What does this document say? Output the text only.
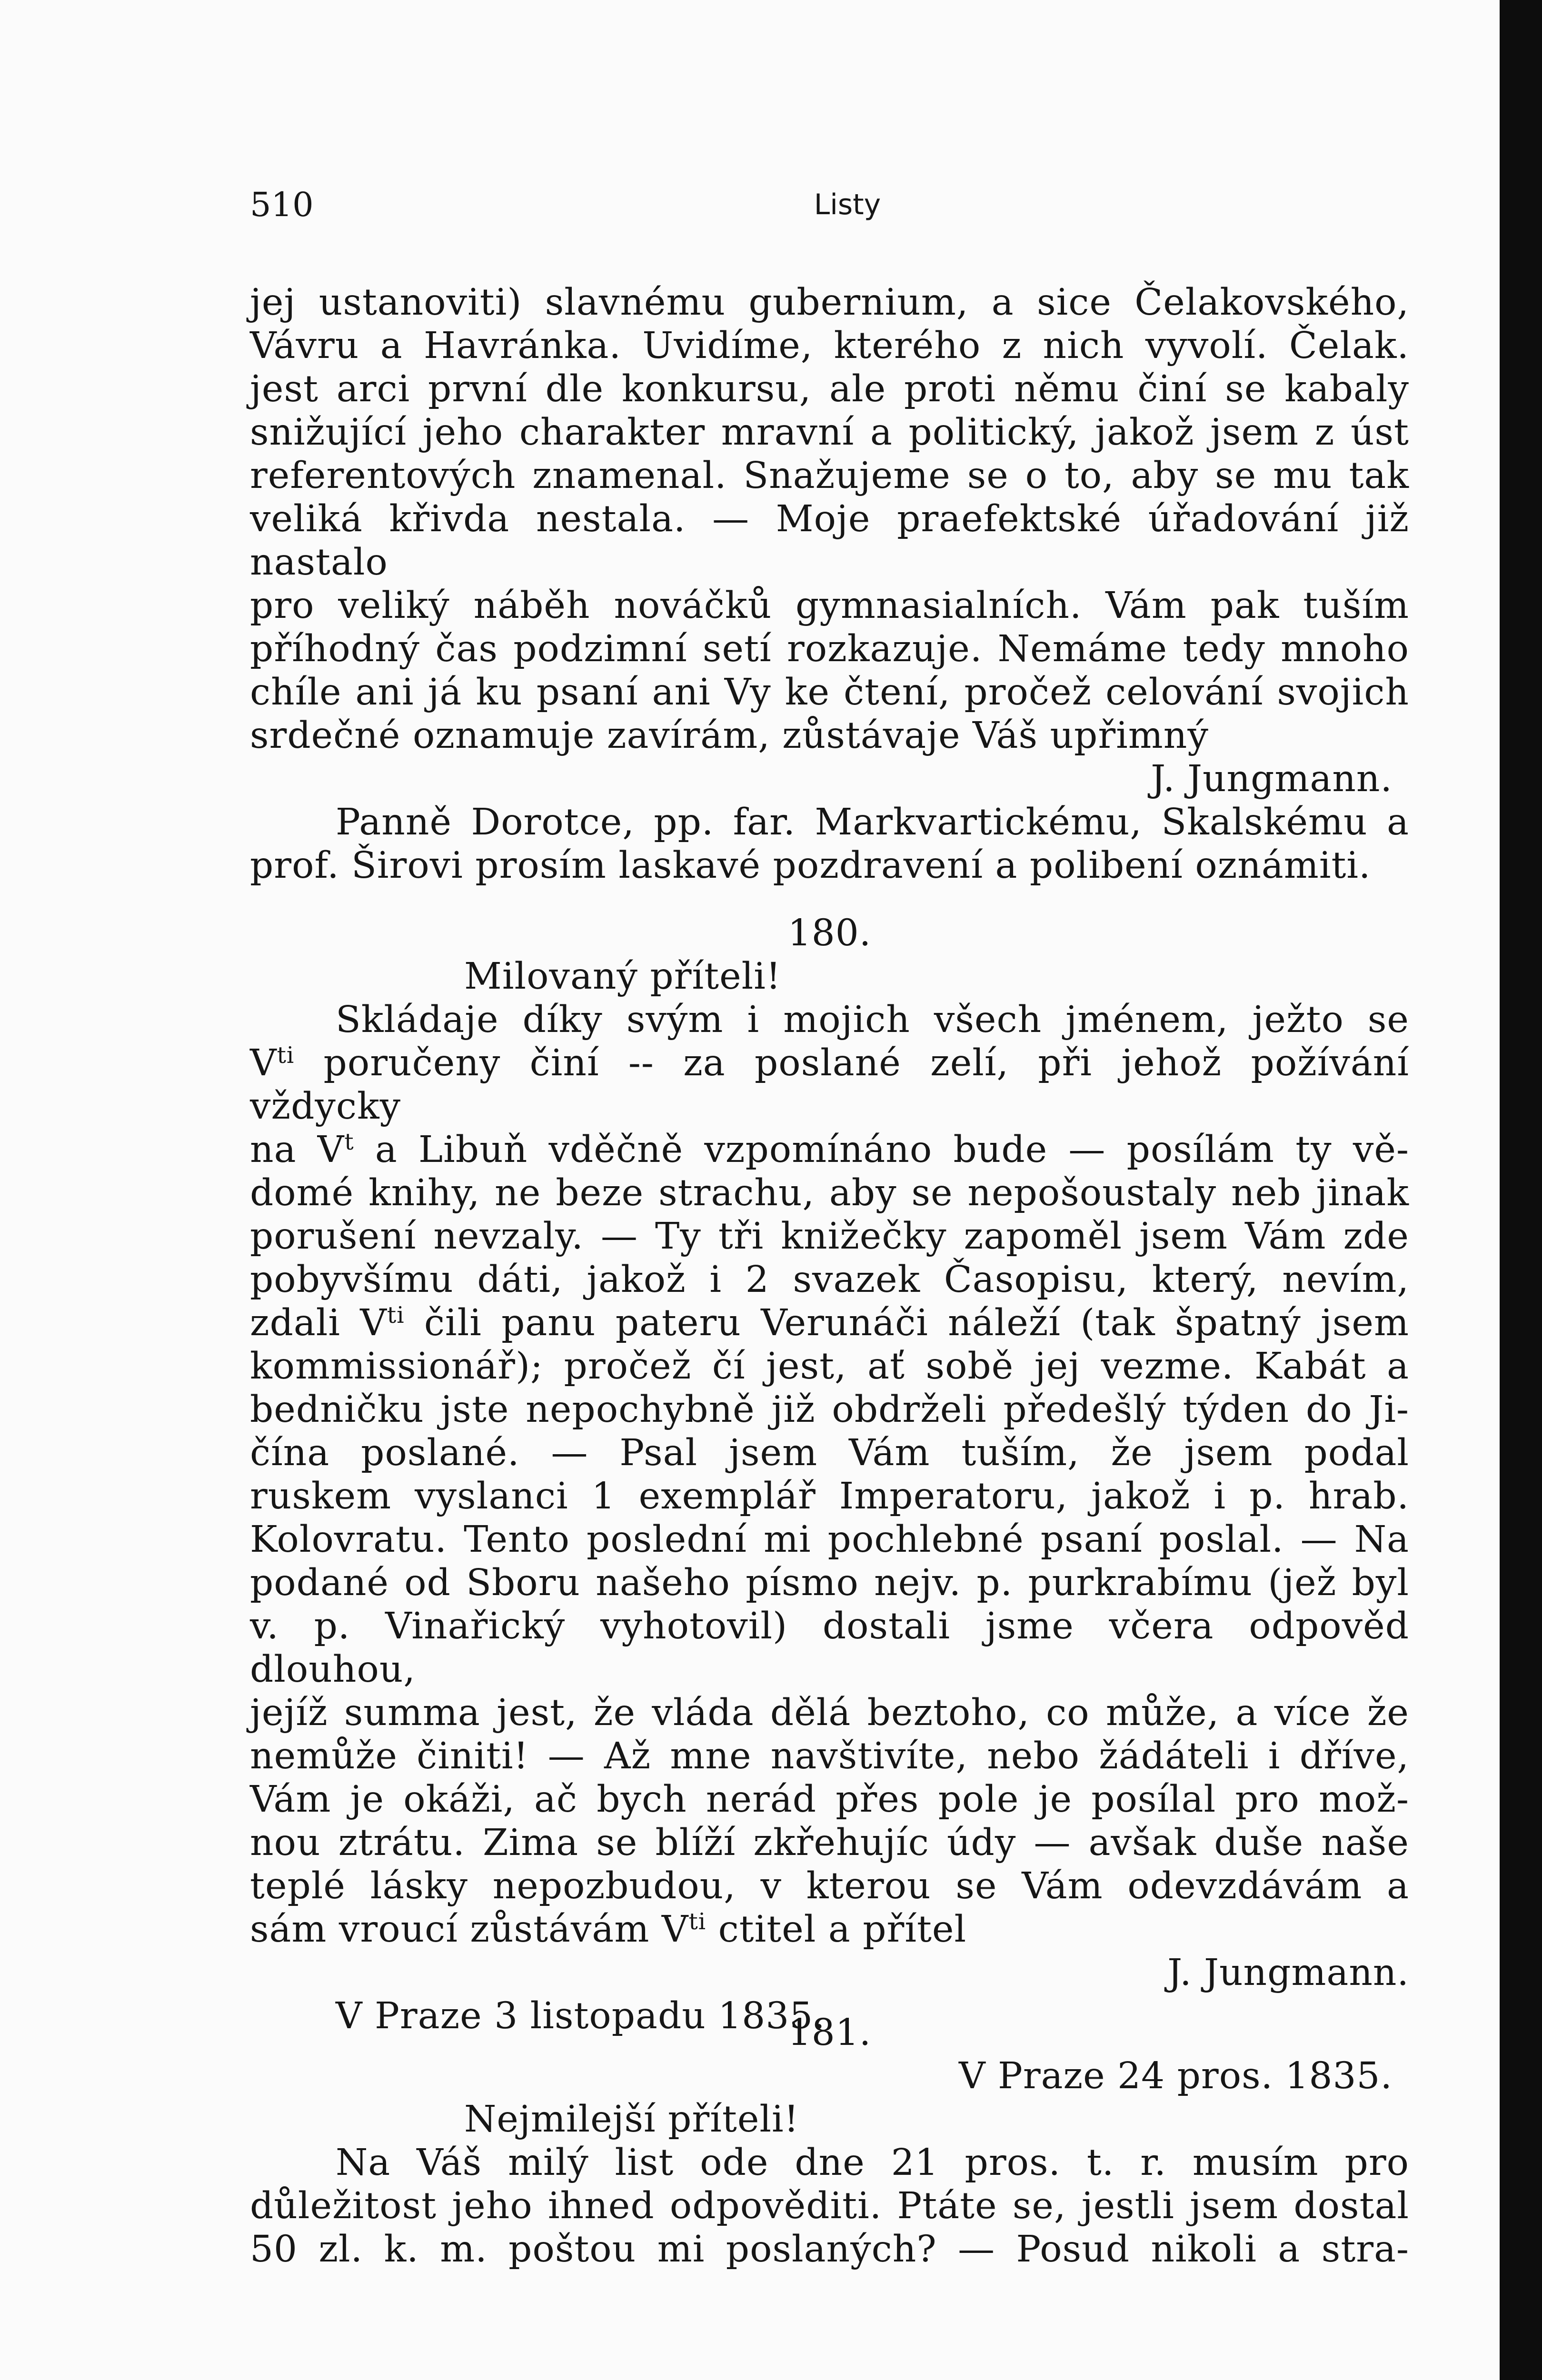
510	Listy

jej ustanoviti) slavnému gubernium, a sice Čelakovského,

Vávru a Havránka. Uvidíme, kterého z nich vyvolí. Čelak.

jest arci první dle konkursu, ale proti němu činí se kabaly

snižující jeho charakter mravní a politický, jakož jsem z úst

referentových znamenal. Snažujeme se o to, aby se mu tak

veliká křivda nestala. — Moje praefektské úřadování již nastalo

pro veliký náběh nováčků gymnasialních. Vám pak tuším

příhodný čas podzimní setí rozkazuje. Nemáme tedy mnoho

chíle ani já ku psaní ani Vy ke čtení, pročež celování svojich

srdečné oznamuje zavírám, zůstávaje Váš upřimný

J. Jungmann.

Panně Dorotce, pp. far. Markvartickému, Skalskému a

prof. Širovi prosím laskavé pozdravení a polibení oznámiti.

180.

Milovaný příteli!

Skládaje díky svým i mojich všech jménem, ježto se

$V^{ti}$ poručeny činí -- za poslané zelí, při jehož požívání vždycky

na $V^t$ a Libuň vděčně vzpomínáno bude — posílám ty vě-

domé knihy, ne beze strachu, aby se nepošoustaly neb jinak

porušení nevzaly. — Ty tři knižečky zapoměl jsem Vám zde

pobyvšímu dáti, jakož i 2 svazek Časopisu, který, nevím,

zdali $V^{ti}$ čili panu pateru Verunáči náleží (tak špatný jsem

kommissionář); pročež čí jest, ať sobě jej vezme. Kabát a

bedničku jste nepochybně již obdrželi předešlý týden do Ji-

čína poslané. — Psal jsem Vám tuším, že jsem podal

ruskem vyslanci 1 exemplář Imperatoru, jakož i p. hrab.

Kolovratu. Tento poslední mi pochlebné psaní poslal. — Na

podané od Sboru našeho písmo nejv. p. purkrabímu (jež byl

v. p. Vinařický vyhotovil) dostali jsme včera odpověd dlouhou,

jejíž summa jest, že vláda dělá beztoho, co může, a více že

nemůže činiti! — Až mne navštivíte, nebo žádáteli i dříve,

Vám je okáži, ač bych nerád přes pole je posílal pro mož-

nou ztrátu. Zima se blíží zkřehujíc údy — avšak duše naše

teplé lásky nepozbudou, v kterou se Vám odevzdávám a

sám vroucí zůstávám $V^{ti}$ ctitel a přítel

J. Jungmann.

V Praze 3 listopadu 1835.

181.

V Praze 24 pros. 1835.

Nejmilejší příteli!

Na Váš milý list ode dne 21 pros. t. r. musím pro

důležitost jeho ihned odpověditi. Ptáte se, jestli jsem dostal

50 zl. k. m. poštou mi poslaných? — Posud nikoli a stra-
